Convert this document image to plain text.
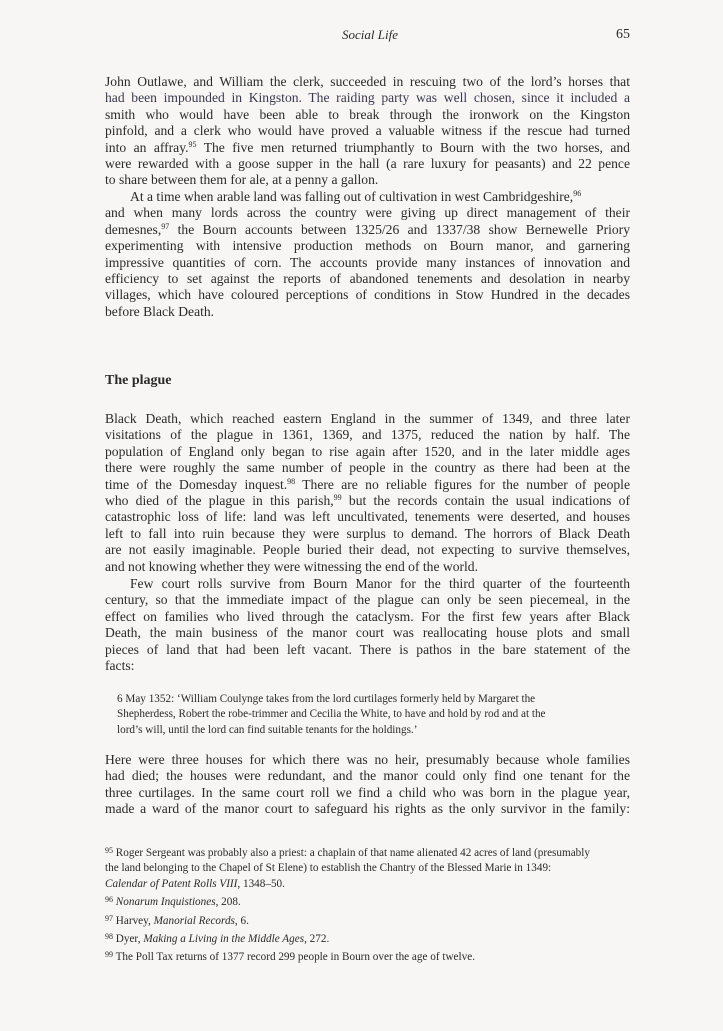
Social Life	65

John Outlawe, and William the clerk, succeeded in rescuing two of the lord’s horses that
had been impounded in Kingston. The raiding party was well chosen, since it included a
smith who would have been able to break through the ironwork on the Kingston
pinfold, and a clerk who would have proved a valuable witness if the rescue had turned
into an affray.$^{95}$ The five men returned triumphantly to Bourn with the two horses, and
were rewarded with a goose supper in the hall (a rare luxury for peasants) and 22 pence
to share between them for ale, at a penny a gallon.

At a time when arable land was falling out of cultivation in west Cambridgeshire,$^{96}$
and when many lords across the country were giving up direct management of their
demesnes,$^{97}$ the Bourn accounts between 1325/26 and 1337/38 show Bernewelle Priory
experimenting with intensive production methods on Bourn manor, and garnering
impressive quantities of corn. The accounts provide many instances of innovation and
efficiency to set against the reports of abandoned tenements and desolation in nearby
villages, which have coloured perceptions of conditions in Stow Hundred in the decades
before Black Death.

The plague

Black Death, which reached eastern England in the summer of 1349, and three later
visitations of the plague in 1361, 1369, and 1375, reduced the nation by half. The
population of England only began to rise again after 1520, and in the later middle ages
there were roughly the same number of people in the country as there had been at the
time of the Domesday inquest.$^{98}$ There are no reliable figures for the number of people
who died of the plague in this parish,$^{99}$ but the records contain the usual indications of
catastrophic loss of life: land was left uncultivated, tenements were deserted, and houses
left to fall into ruin because they were surplus to demand. The horrors of Black Death
are not easily imaginable. People buried their dead, not expecting to survive themselves,
and not knowing whether they were witnessing the end of the world.

Few court rolls survive from Bourn Manor for the third quarter of the fourteenth
century, so that the immediate impact of the plague can only be seen piecemeal, in the
effect on families who lived through the cataclysm. For the first few years after Black
Death, the main business of the manor court was reallocating house plots and small
pieces of land that had been left vacant. There is pathos in the bare statement of the
facts:

6 May 1352: ‘William Coulynge takes from the lord curtilages formerly held by Margaret the
Shepherdess, Robert the robe-trimmer and Cecilia the White, to have and hold by rod and at the
lord’s will, until the lord can find suitable tenants for the holdings.’

Here were three houses for which there was no heir, presumably because whole families
had died; the houses were redundant, and the manor could only find one tenant for the
three curtilages. In the same court roll we find a child who was born in the plague year,
made a ward of the manor court to safeguard his rights as the only survivor in the family:

$^{95}$ Roger Sergeant was probably also a priest: a chaplain of that name alienated 42 acres of land (presumably
the land belonging to the Chapel of St Elene) to establish the Chantry of the Blessed Marie in 1349:
Calendar of Patent Rolls VIII, 1348–50.
$^{96}$ Nonarum Inquistiones, 208.
$^{97}$ Harvey, Manorial Records, 6.
$^{98}$ Dyer, Making a Living in the Middle Ages, 272.
$^{99}$ The Poll Tax returns of 1377 record 299 people in Bourn over the age of twelve.
